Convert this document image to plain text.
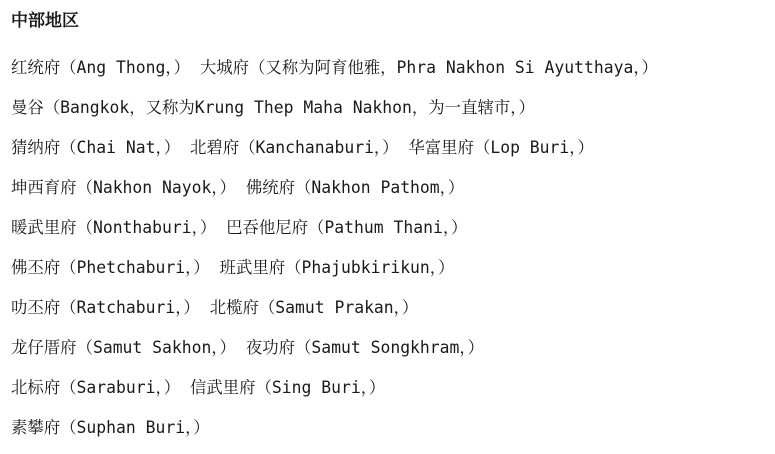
中部地区
红统府（Ang Thong，） 大城府（又称为阿育他雅，Phra Nakhon Si Ayutthaya，）
曼谷（Bangkok，又称为Krung Thep Maha Nakhon，为一直辖市，）
猜纳府（Chai Nat，） 北碧府（Kanchanaburi，） 华富里府（Lop Buri，）
坤西育府（Nakhon Nayok，） 佛统府（Nakhon Pathom，）
暖武里府（Nonthaburi，） 巴吞他尼府（Pathum Thani，）
佛丕府（Phetchaburi，） 班武里府（Phajubkirikun，）
叻丕府（Ratchaburi，） 北榄府（Samut Prakan，）
龙仔厝府（Samut Sakhon，） 夜功府（Samut Songkhram，）
北标府（Saraburi，） 信武里府（Sing Buri，）
素攀府（Suphan Buri，）
